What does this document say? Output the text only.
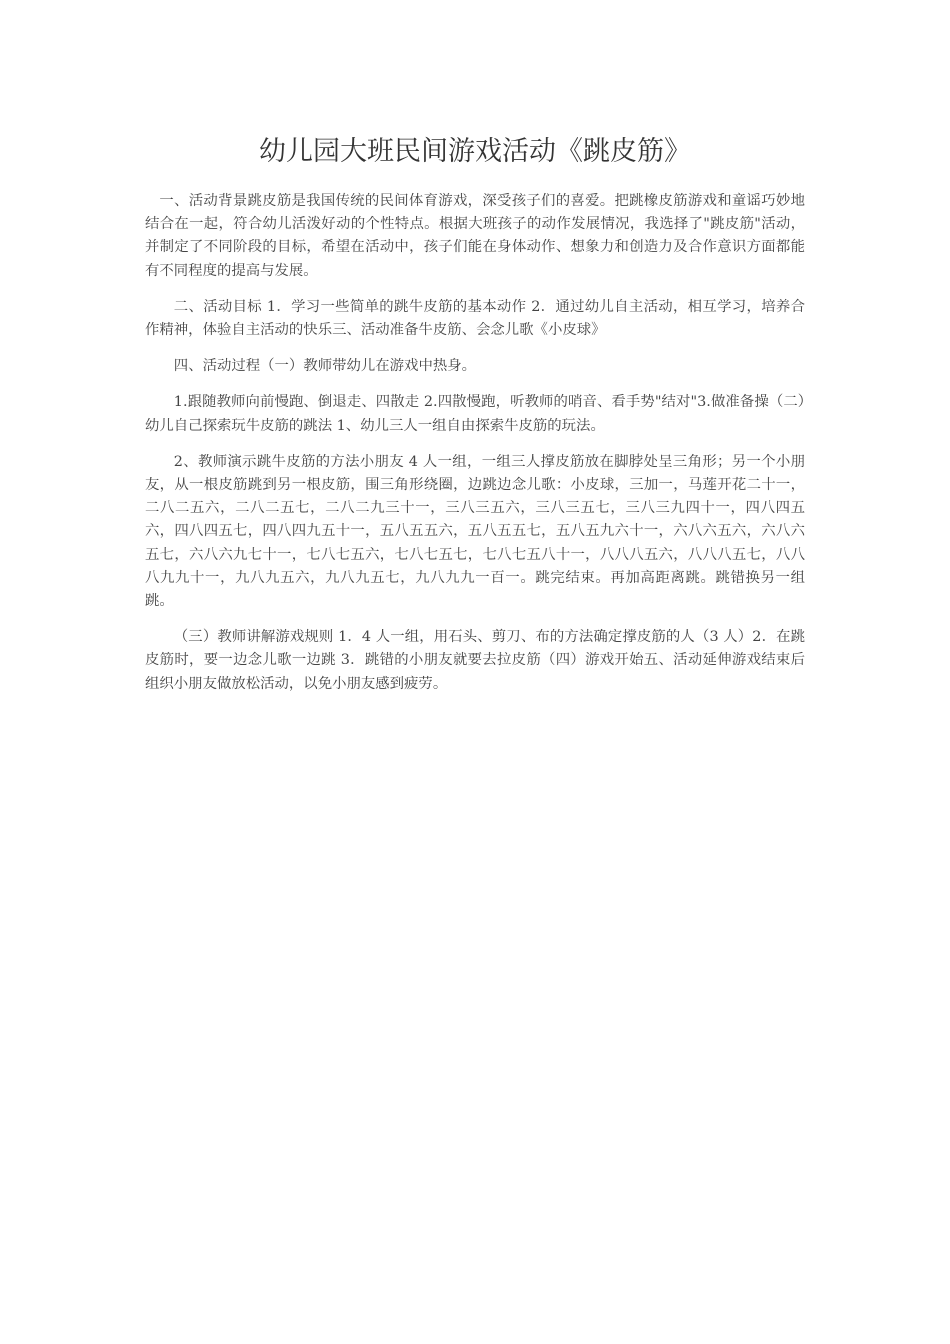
幼儿园大班民间游戏活动《跳皮筋》

一、活动背景跳皮筋是我国传统的民间体育游戏，深受孩子们的喜爱。把跳橡皮筋游戏和童谣巧妙地结合在一起，符合幼儿活泼好动的个性特点。根据大班孩子的动作发展情况，我选择了"跳皮筋"活动，并制定了不同阶段的目标，希望在活动中，孩子们能在身体动作、想象力和创造力及合作意识方面都能有不同程度的提高与发展。

二、活动目标 1．学习一些简单的跳牛皮筋的基本动作 2．通过幼儿自主活动，相互学习，培养合作精神，体验自主活动的快乐三、活动准备牛皮筋、会念儿歌《小皮球》

四、活动过程（一）教师带幼儿在游戏中热身。

1.跟随教师向前慢跑、倒退走、四散走 2.四散慢跑，听教师的哨音、看手势"结对"3.做准备操（二）幼儿自己探索玩牛皮筋的跳法 1、幼儿三人一组自由探索牛皮筋的玩法。

2、教师演示跳牛皮筋的方法小朋友 4 人一组，一组三人撑皮筋放在脚脖处呈三角形；另一个小朋友，从一根皮筋跳到另一根皮筋，围三角形绕圈，边跳边念儿歌：小皮球，三加一，马莲开花二十一，二八二五六，二八二五七，二八二九三十一，三八三五六，三八三五七，三八三九四十一，四八四五六，四八四五七，四八四九五十一，五八五五六，五八五五七，五八五九六十一，六八六五六，六八六五七，六八六九七十一，七八七五六，七八七五七，七八七五八十一，八八八五六，八八八五七，八八八九九十一，九八九五六，九八九五七，九八九九一百一。跳完结束。再加高距离跳。跳错换另一组跳。

（三）教师讲解游戏规则 1．4 人一组，用石头、剪刀、布的方法确定撑皮筋的人（3 人）2．在跳皮筋时，要一边念儿歌一边跳 3．跳错的小朋友就要去拉皮筋（四）游戏开始五、活动延伸游戏结束后组织小朋友做放松活动，以免小朋友感到疲劳。
